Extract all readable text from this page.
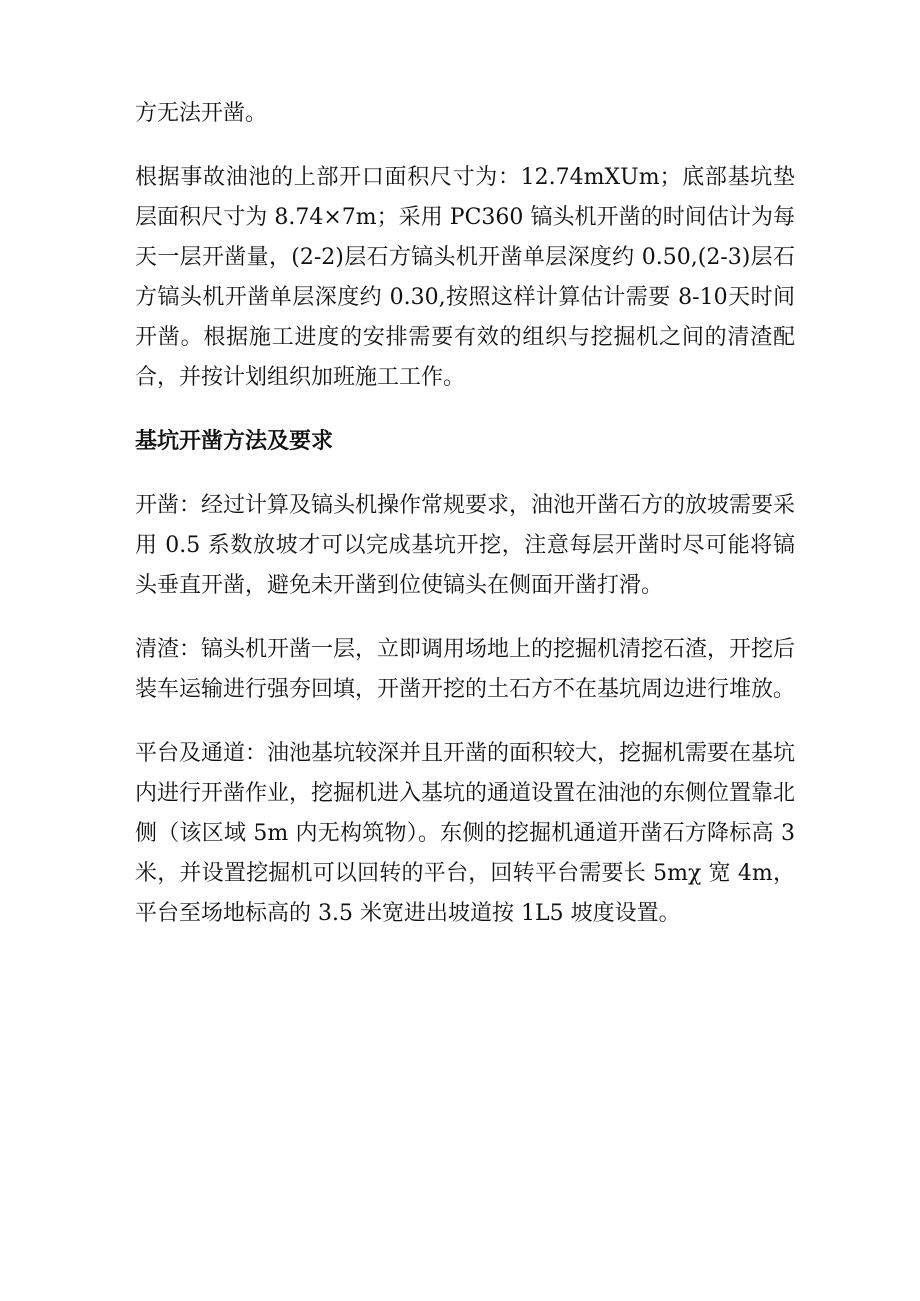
方无法开凿。

根据事故油池的上部开口面积尺寸为：12.74mXUm；底部基坑垫层面积尺寸为 8.74×7m；采用 PC360 镐头机开凿的时间估计为每天一层开凿量，(2-2)层石方镐头机开凿单层深度约 0.50,(2-3)层石方镐头机开凿单层深度约 0.30,按照这样计算估计需要 8-10天时间开凿。根据施工进度的安排需要有效的组织与挖掘机之间的清渣配合，并按计划组织加班施工工作。

基坑开凿方法及要求

开凿：经过计算及镐头机操作常规要求，油池开凿石方的放坡需要采用 0.5 系数放坡才可以完成基坑开挖，注意每层开凿时尽可能将镐头垂直开凿，避免未开凿到位使镐头在侧面开凿打滑。

清渣：镐头机开凿一层，立即调用场地上的挖掘机清挖石渣，开挖后装车运输进行强夯回填，开凿开挖的土石方不在基坑周边进行堆放。

平台及通道：油池基坑较深并且开凿的面积较大，挖掘机需要在基坑内进行开凿作业，挖掘机进入基坑的通道设置在油池的东侧位置靠北侧（该区域 5m 内无构筑物）。东侧的挖掘机通道开凿石方降标高 3 米，并设置挖掘机可以回转的平台，回转平台需要长 5mχ 宽 4m，平台至场地标高的 3.5 米宽进出坡道按 1L5 坡度设置。
